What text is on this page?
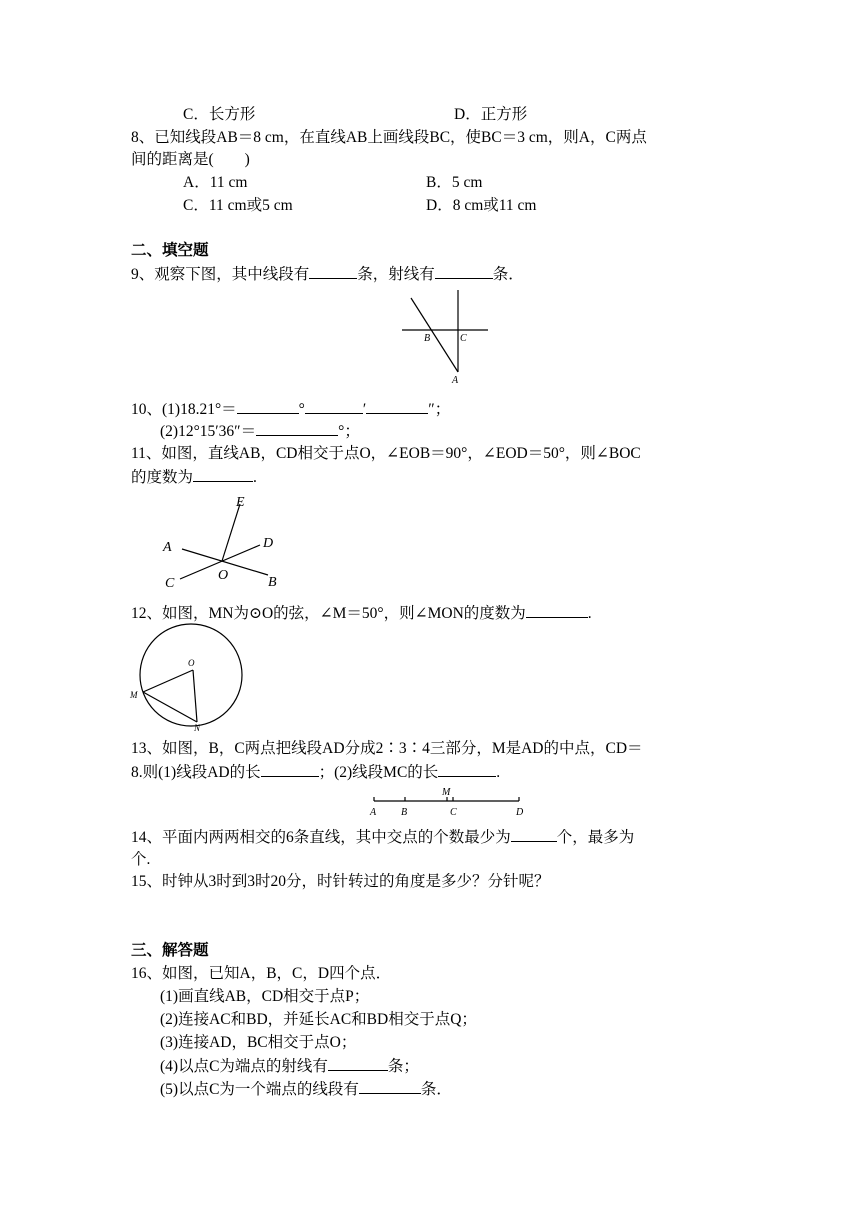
C．长方形	D．正方形
8、已知线段AB＝8 cm，在直线AB上画线段BC，使BC＝3 cm，则A，C两点
间的距离是(　　)
A．11 cm	B．5 cm
C．11 cm或5 cm	D．8 cm或11 cm
二、填空题
9、观察下图，其中线段有	条，射线有	条．
B	C
A
10、(1)18.21°＝	°	′	″；
(2)12°15′36″＝	°；
11、如图，直线AB，CD相交于点O，∠EOB＝90°，∠EOD＝50°，则∠BOC
的度数为	.
E
A	D
O
C	B
12、如图，MN为⊙O的弦，∠M＝50°，则∠MON的度数为	.
O
M
N
13、如图，B，C两点把线段AD分成2∶3∶4三部分，M是AD的中点，CD＝
8.则(1)线段AD的长	；(2)线段MC的长	.
M
A B	C	D
14、平面内两两相交的6条直线，其中交点的个数最少为	个，最多为
个.
15、时钟从3时到3时20分，时针转过的角度是多少？分针呢？
三、解答题
16、如图，已知A，B，C，D四个点．
(1)画直线AB，CD相交于点P；
(2)连接AC和BD，并延长AC和BD相交于点Q；
(3)连接AD，BC相交于点O；
(4)以点C为端点的射线有	条；
(5)以点C为一个端点的线段有	条．
